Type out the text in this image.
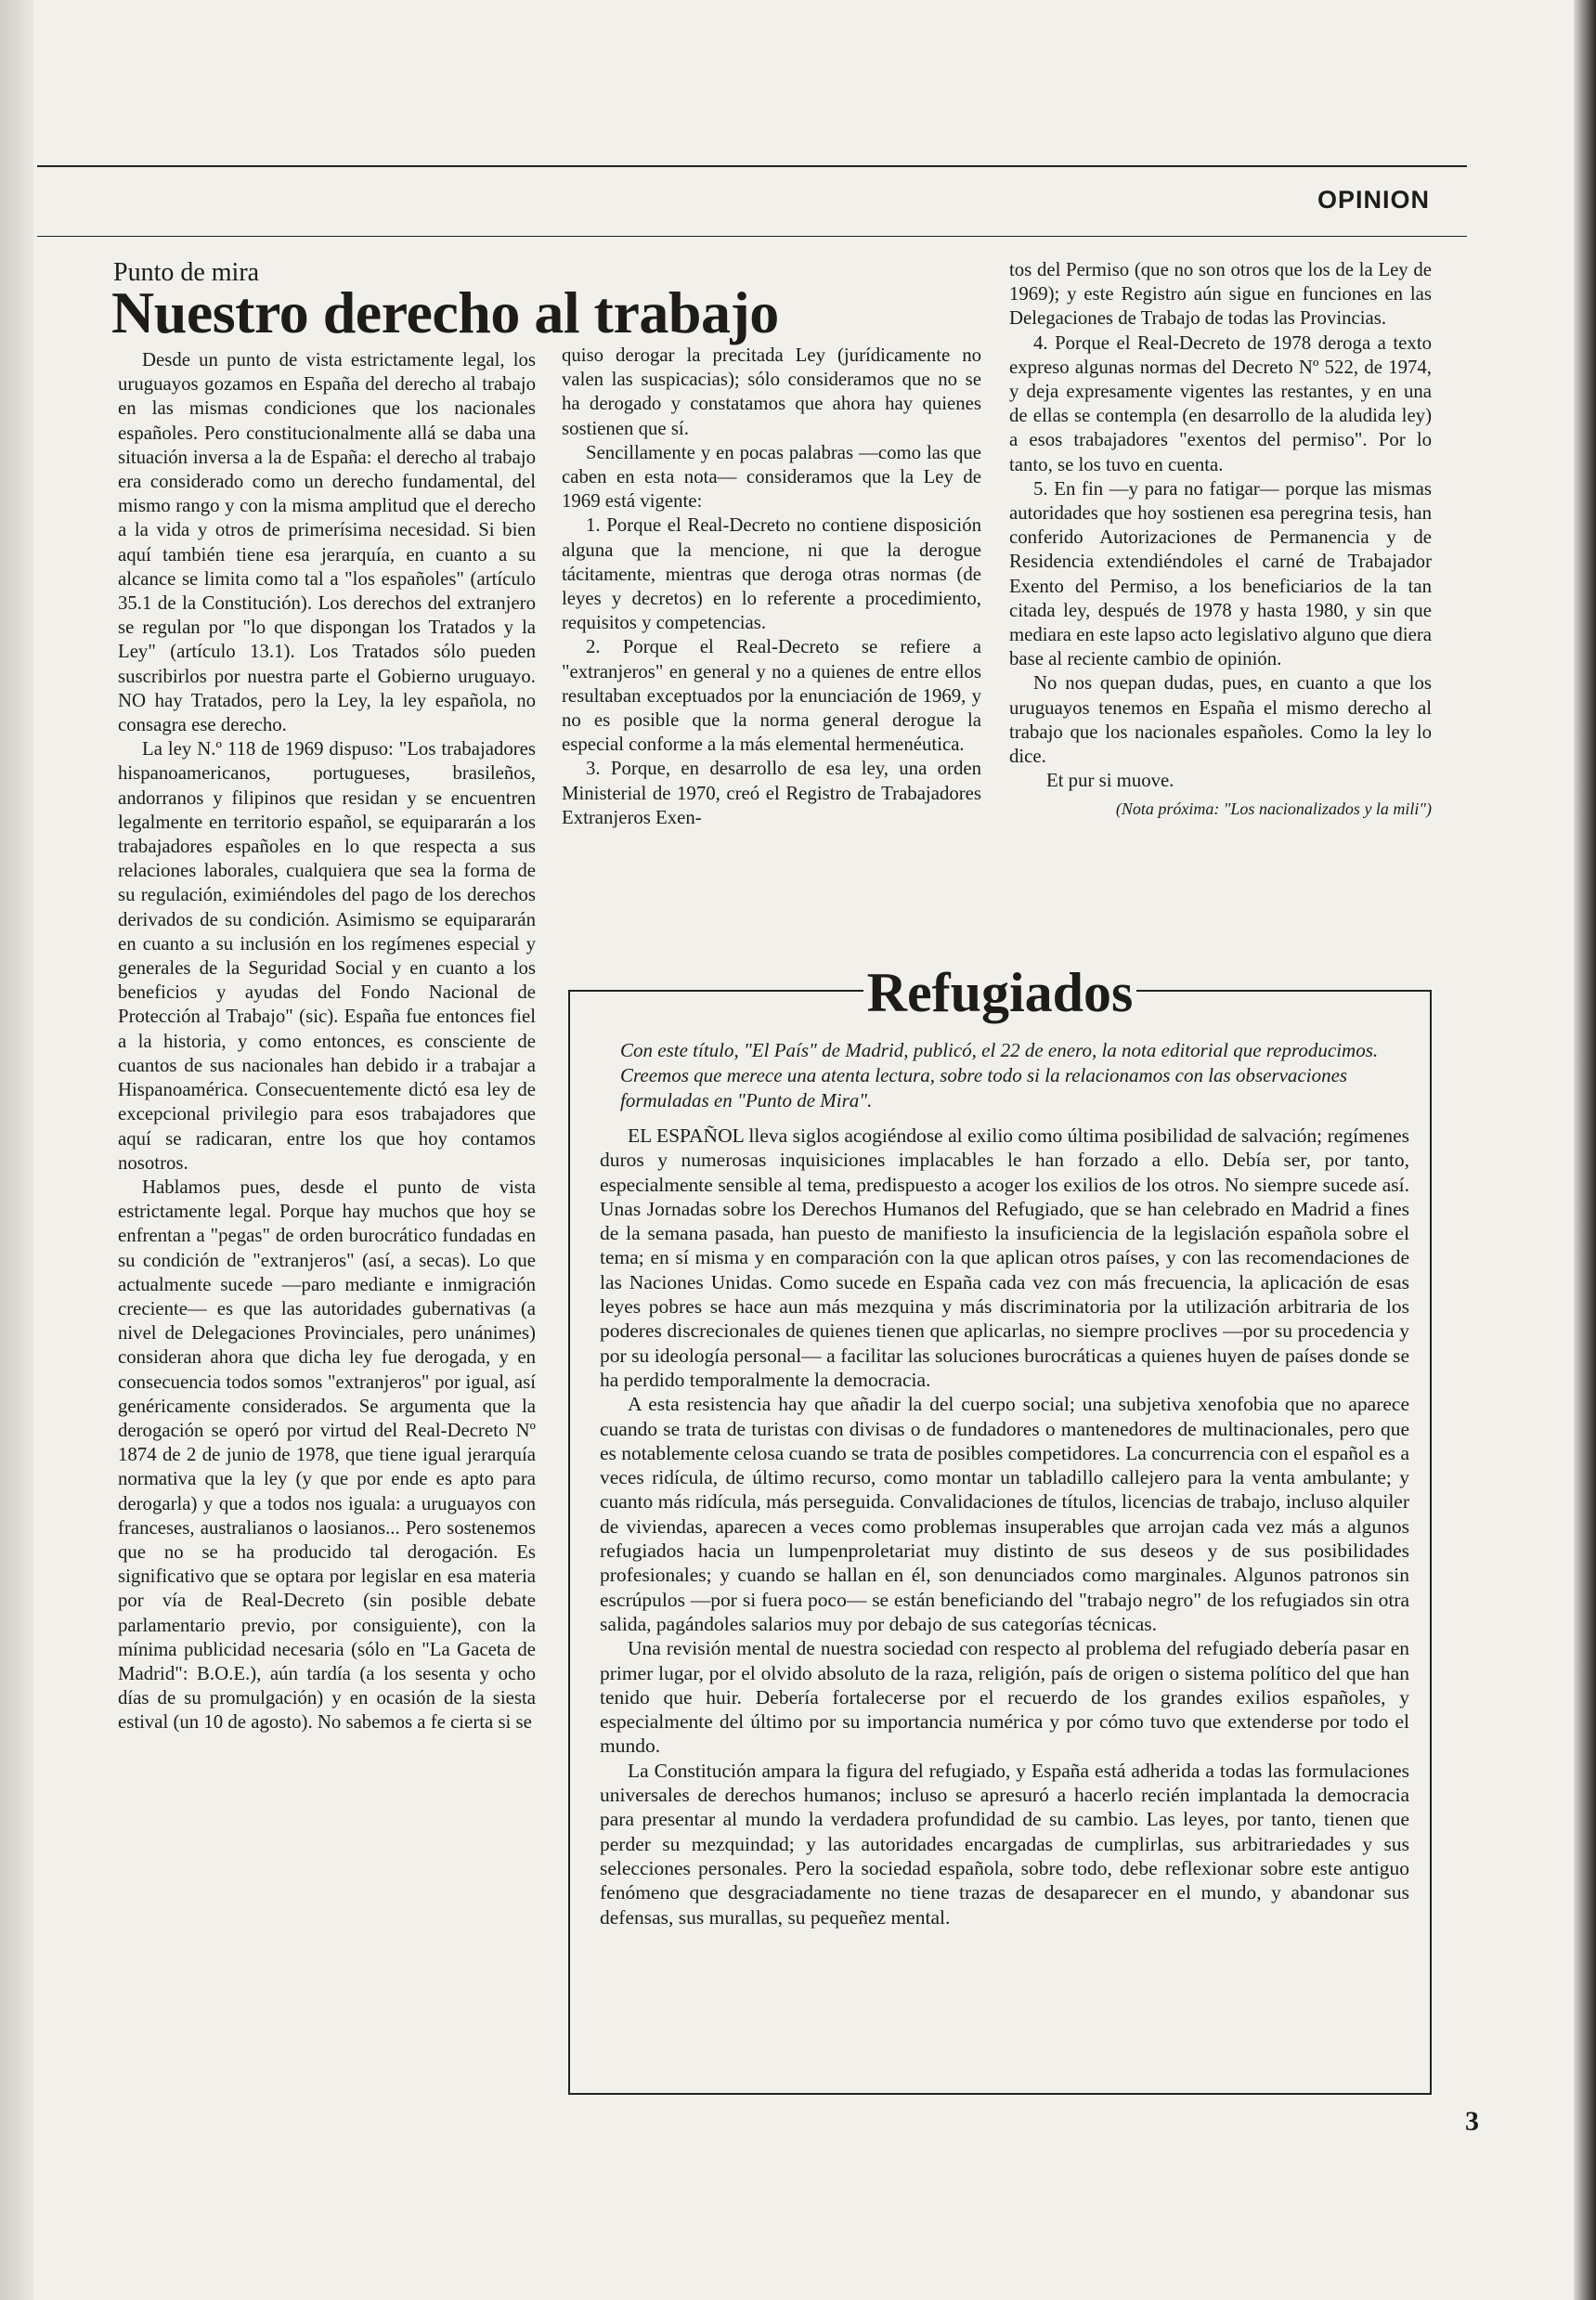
OPINION
Punto de mira
Nuestro derecho al trabajo

Desde un punto de vista estrictamente legal, los uruguayos gozamos en España del derecho al trabajo en las mismas condiciones que los nacionales españoles. Pero constitucionalmente allá se daba una situación inversa a la de España: el derecho al trabajo era considerado como un derecho fundamental, del mismo rango y con la misma amplitud que el derecho a la vida y otros de primerísima necesidad. Si bien aquí también tiene esa jerarquía, en cuanto a su alcance se limita como tal a "los españoles" (artículo 35.1 de la Constitución). Los derechos del extranjero se regulan por "lo que dispongan los Tratados y la Ley" (artículo 13.1). Los Tratados sólo pueden suscribirlos por nuestra parte el Gobierno uruguayo. NO hay Tratados, pero la Ley, la ley española, no consagra ese derecho.

La ley N.º 118 de 1969 dispuso: "Los trabajadores hispanoamericanos, portugueses, brasileños, andorranos y filipinos que residan y se encuentren legalmente en territorio español, se equipararán a los trabajadores españoles en lo que respecta a sus relaciones laborales, cualquiera que sea la forma de su regulación, eximiéndoles del pago de los derechos derivados de su condición. Asimismo se equipararán en cuanto a su inclusión en los regímenes especial y generales de la Seguridad Social y en cuanto a los beneficios y ayudas del Fondo Nacional de Protección al Trabajo" (sic). España fue entonces fiel a la historia, y como entonces, es consciente de cuantos de sus nacionales han debido ir a trabajar a Hispanoamérica. Consecuentemente dictó esa ley de excepcional privilegio para esos trabajadores que aquí se radicaran, entre los que hoy contamos nosotros.

Hablamos pues, desde el punto de vista estrictamente legal. Porque hay muchos que hoy se enfrentan a "pegas" de orden burocrático fundadas en su condición de "extranjeros" (así, a secas). Lo que actualmente sucede —paro mediante e inmigración creciente— es que las autoridades gubernativas (a nivel de Delegaciones Provinciales, pero unánimes) consideran ahora que dicha ley fue derogada, y en consecuencia todos somos "extranjeros" por igual, así genéricamente considerados. Se argumenta que la derogación se operó por virtud del Real-Decreto Nº 1874 de 2 de junio de 1978, que tiene igual jerarquía normativa que la ley (y que por ende es apto para derogarla) y que a todos nos iguala: a uruguayos con franceses, australianos o laosianos... Pero sostenemos que no se ha producido tal derogación. Es significativo que se optara por legislar en esa materia por vía de Real-Decreto (sin posible debate parlamentario previo, por consiguiente), con la mínima publicidad necesaria (sólo en "La Gaceta de Madrid": B.O.E.), aún tardía (a los sesenta y ocho días de su promulgación) y en ocasión de la siesta estival (un 10 de agosto). No sabemos a fe cierta si se

quiso derogar la precitada Ley (jurídicamente no valen las suspicacias); sólo consideramos que no se ha derogado y constatamos que ahora hay quienes sostienen que sí.

Sencillamente y en pocas palabras —como las que caben en esta nota— consideramos que la Ley de 1969 está vigente:

1. Porque el Real-Decreto no contiene disposición alguna que la mencione, ni que la derogue tácitamente, mientras que deroga otras normas (de leyes y decretos) en lo referente a procedimiento, requisitos y competencias.

2. Porque el Real-Decreto se refiere a "extranjeros" en general y no a quienes de entre ellos resultaban exceptuados por la enunciación de 1969, y no es posible que la norma general derogue la especial conforme a la más elemental hermenéutica.

3. Porque, en desarrollo de esa ley, una orden Ministerial de 1970, creó el Registro de Trabajadores Extranjeros Exen-

tos del Permiso (que no son otros que los de la Ley de 1969); y este Registro aún sigue en funciones en las Delegaciones de Trabajo de todas las Provincias.

4. Porque el Real-Decreto de 1978 deroga a texto expreso algunas normas del Decreto Nº 522, de 1974, y deja expresamente vigentes las restantes, y en una de ellas se contempla (en desarrollo de la aludida ley) a esos trabajadores "exentos del permiso". Por lo tanto, se los tuvo en cuenta.

5. En fin —y para no fatigar— porque las mismas autoridades que hoy sostienen esa peregrina tesis, han conferido Autorizaciones de Permanencia y de Residencia extendiéndoles el carné de Trabajador Exento del Permiso, a los beneficiarios de la tan citada ley, después de 1978 y hasta 1980, y sin que mediara en este lapso acto legislativo alguno que diera base al reciente cambio de opinión.

No nos quepan dudas, pues, en cuanto a que los uruguayos tenemos en España el mismo derecho al trabajo que los nacionales españoles. Como la ley lo dice.

Et pur si muove.

(Nota próxima: "Los nacionalizados y la mili")

Refugiados

Con este título, "El País" de Madrid, publicó, el 22 de enero, la nota editorial que reproducimos. Creemos que merece una atenta lectura, sobre todo si la relacionamos con las observaciones formuladas en "Punto de Mira".

EL ESPAÑOL lleva siglos acogiéndose al exilio como última posibilidad de salvación; regímenes duros y numerosas inquisiciones implacables le han forzado a ello. Debía ser, por tanto, especialmente sensible al tema, predispuesto a acoger los exilios de los otros. No siempre sucede así. Unas Jornadas sobre los Derechos Humanos del Refugiado, que se han celebrado en Madrid a fines de la semana pasada, han puesto de manifiesto la insuficiencia de la legislación española sobre el tema; en sí misma y en comparación con la que aplican otros países, y con las recomendaciones de las Naciones Unidas. Como sucede en España cada vez con más frecuencia, la aplicación de esas leyes pobres se hace aun más mezquina y más discriminatoria por la utilización arbitraria de los poderes discrecionales de quienes tienen que aplicarlas, no siempre proclives —por su procedencia y por su ideología personal— a facilitar las soluciones burocráticas a quienes huyen de países donde se ha perdido temporalmente la democracia.

A esta resistencia hay que añadir la del cuerpo social; una subjetiva xenofobia que no aparece cuando se trata de turistas con divisas o de fundadores o mantenedores de multinacionales, pero que es notablemente celosa cuando se trata de posibles competidores. La concurrencia con el español es a veces ridícula, de último recurso, como montar un tabladillo callejero para la venta ambulante; y cuanto más ridícula, más perseguida. Convalidaciones de títulos, licencias de trabajo, incluso alquiler de viviendas, aparecen a veces como problemas insuperables que arrojan cada vez más a algunos refugiados hacia un lumpenproletariat muy distinto de sus deseos y de sus posibilidades profesionales; y cuando se hallan en él, son denunciados como marginales. Algunos patronos sin escrúpulos —por si fuera poco— se están beneficiando del "trabajo negro" de los refugiados sin otra salida, pagándoles salarios muy por debajo de sus categorías técnicas.

Una revisión mental de nuestra sociedad con respecto al problema del refugiado debería pasar en primer lugar, por el olvido absoluto de la raza, religión, país de origen o sistema político del que han tenido que huir. Debería fortalecerse por el recuerdo de los grandes exilios españoles, y especialmente del último por su importancia numérica y por cómo tuvo que extenderse por todo el mundo.

La Constitución ampara la figura del refugiado, y España está adherida a todas las formulaciones universales de derechos humanos; incluso se apresuró a hacerlo recién implantada la democracia para presentar al mundo la verdadera profundidad de su cambio. Las leyes, por tanto, tienen que perder su mezquindad; y las autoridades encargadas de cumplirlas, sus arbitrariedades y sus selecciones personales. Pero la sociedad española, sobre todo, debe reflexionar sobre este antiguo fenómeno que desgraciadamente no tiene trazas de desaparecer en el mundo, y abandonar sus defensas, sus murallas, su pequeñez mental.

3
